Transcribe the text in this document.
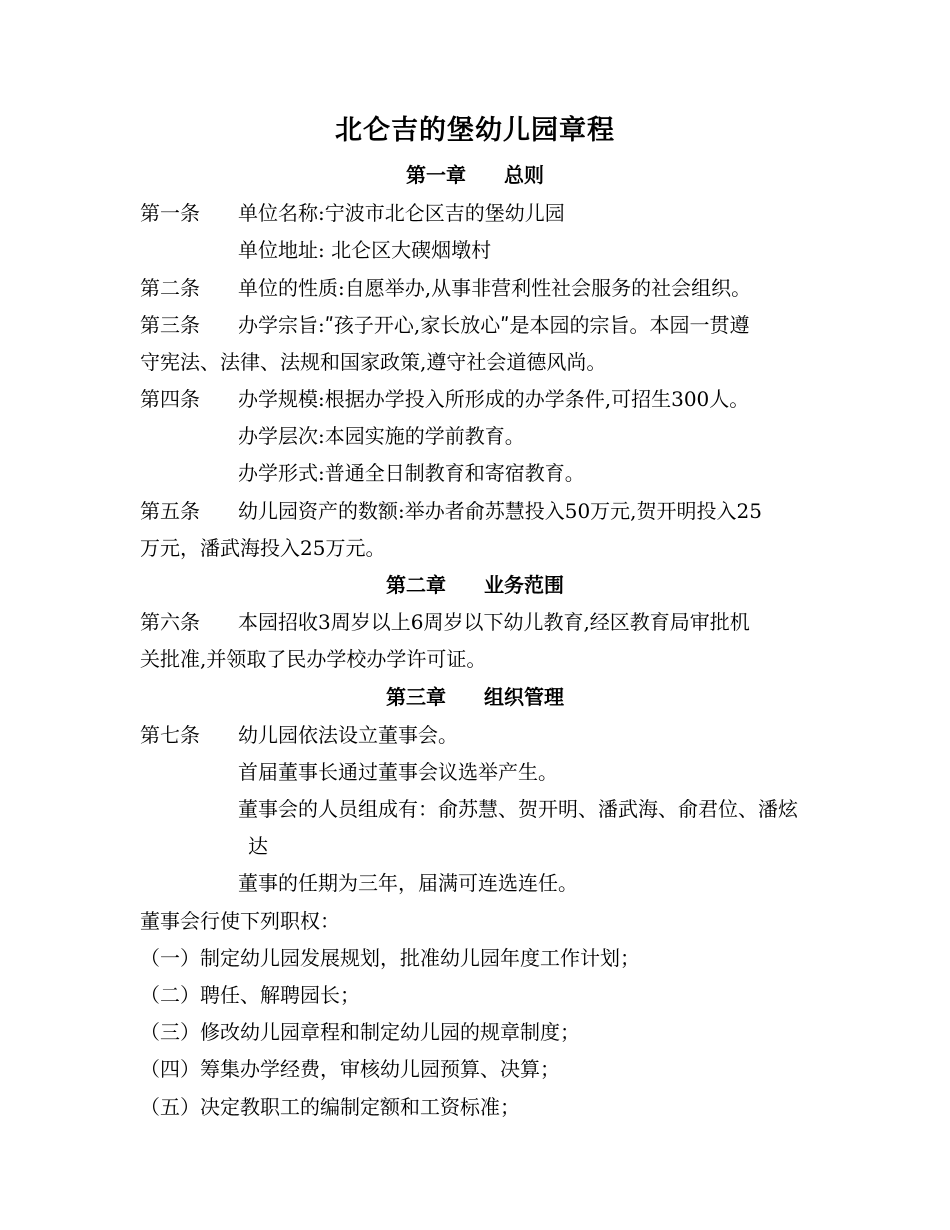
北仑吉的堡幼儿园章程
第一章 总则
第一条 单位名称:宁波市北仑区吉的堡幼儿园
单位地址: 北仑区大碶烟墩村
第二条 单位的性质:自愿举办,从事非营利性社会服务的社会组织。
第三条 办学宗旨:ʺ孩子开心,家长放心ʺ是本园的宗旨。本园一贯遵
守宪法、法律、法规和国家政策,遵守社会道德风尚。
第四条 办学规模:根据办学投入所形成的办学条件,可招生300人。
办学层次:本园实施的学前教育。
办学形式:普通全日制教育和寄宿教育。
第五条 幼儿园资产的数额:举办者俞苏慧投入50万元,贺开明投入25
万元，潘武海投入25万元。
第二章 业务范围
第六条 本园招收3周岁以上6周岁以下幼儿教育,经区教育局审批机
关批准,并领取了民办学校办学许可证。
第三章 组织管理
第七条 幼儿园依法设立董事会。
首届董事长通过董事会议选举产生。
董事会的人员组成有：俞苏慧、贺开明、潘武海、俞君位、潘炫
达
董事的任期为三年，届满可连选连任。
董事会行使下列职权：
（一）制定幼儿园发展规划，批准幼儿园年度工作计划；
（二）聘任、解聘园长；
（三）修改幼儿园章程和制定幼儿园的规章制度；
（四）筹集办学经费，审核幼儿园预算、决算；
（五）决定教职工的编制定额和工资标准；
